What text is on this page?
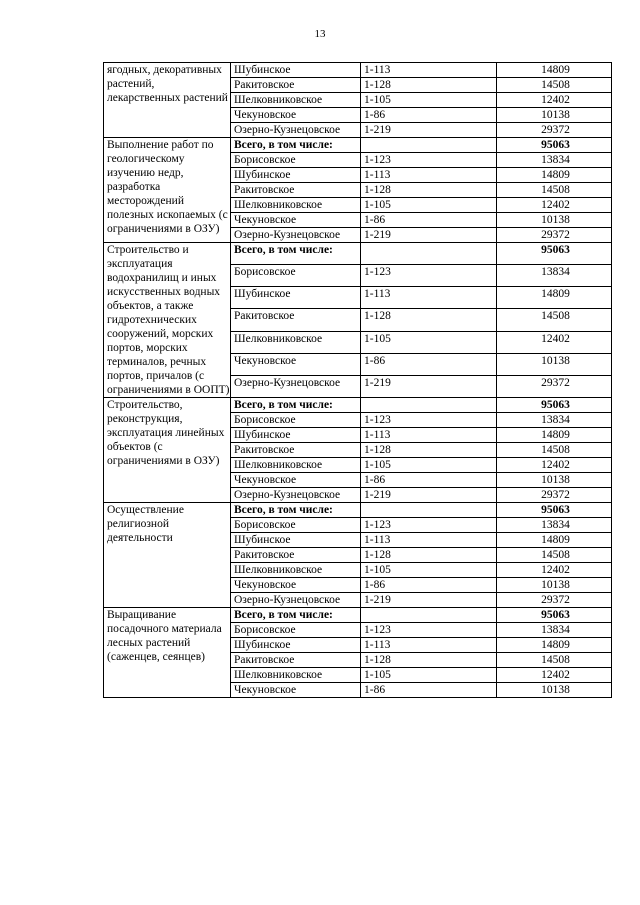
13
ягодных, декоративных растений, лекарственных растений	Шубинское	1-113	14809
	Ракитовское	1-128	14508
	Шелковниковское	1-105	12402
	Чекуновское	1-86	10138
	Озерно-Кузнецовское	1-219	29372
Выполнение работ по геологическому изучению недр, разработка месторождений полезных ископаемых (с ограничениями в ОЗУ)	Всего, в том числе:		95063
	Борисовское	1-123	13834
	Шубинское	1-113	14809
	Ракитовское	1-128	14508
	Шелковниковское	1-105	12402
	Чекуновское	1-86	10138
	Озерно-Кузнецовское	1-219	29372
Строительство и эксплуатация водохранилищ и иных искусственных водных объектов, а также гидротехнических сооружений, морских портов, морских терминалов, речных портов, причалов (с ограничениями в ООПТ)	Всего, в том числе:		95063
	Борисовское	1-123	13834
	Шубинское	1-113	14809
	Ракитовское	1-128	14508
	Шелковниковское	1-105	12402
	Чекуновское	1-86	10138
	Озерно-Кузнецовское	1-219	29372
Строительство, реконструкция, эксплуатация линейных объектов (с ограничениями в ОЗУ)	Всего, в том числе:		95063
	Борисовское	1-123	13834
	Шубинское	1-113	14809
	Ракитовское	1-128	14508
	Шелковниковское	1-105	12402
	Чекуновское	1-86	10138
	Озерно-Кузнецовское	1-219	29372
Осуществление религиозной деятельности	Всего, в том числе:		95063
	Борисовское	1-123	13834
	Шубинское	1-113	14809
	Ракитовское	1-128	14508
	Шелковниковское	1-105	12402
	Чекуновское	1-86	10138
	Озерно-Кузнецовское	1-219	29372
Выращивание посадочного материала лесных растений (саженцев, сеянцев)	Всего, в том числе:		95063
	Борисовское	1-123	13834
	Шубинское	1-113	14809
	Ракитовское	1-128	14508
	Шелковниковское	1-105	12402
	Чекуновское	1-86	10138
